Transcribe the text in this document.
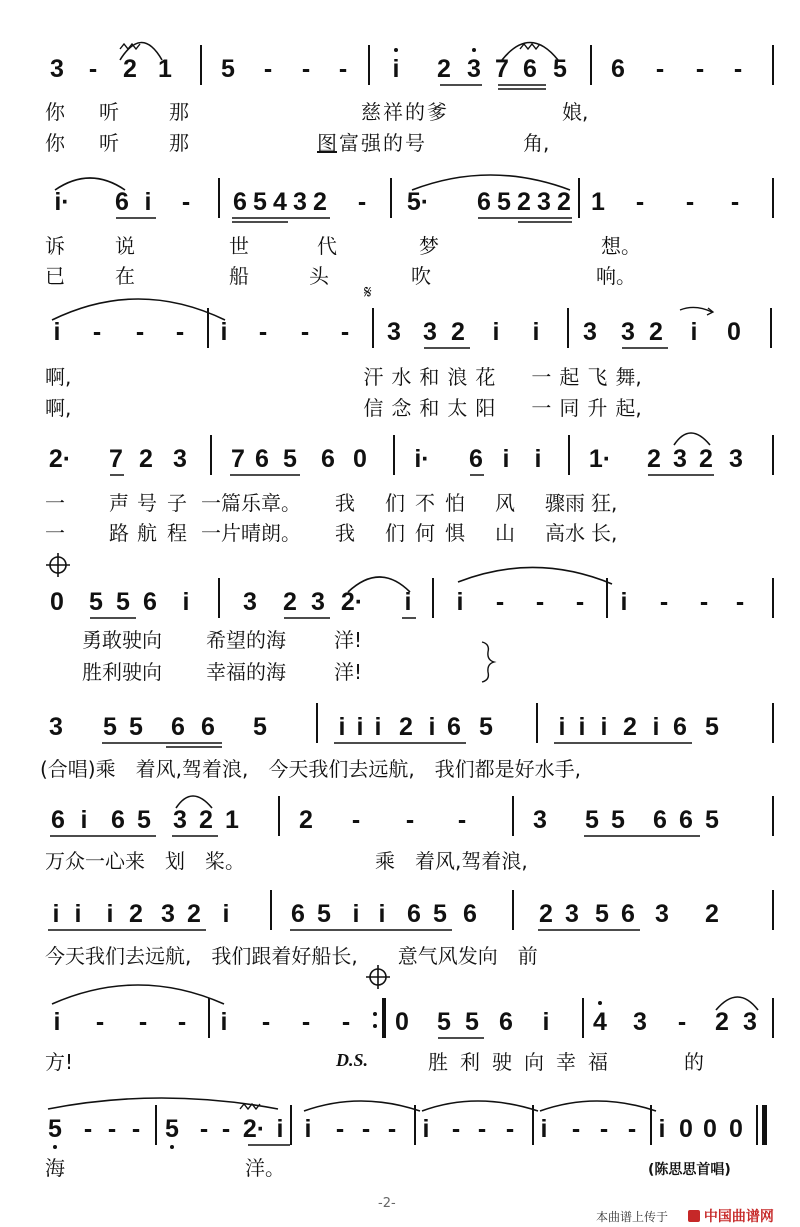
3 - 2 1 5 - - - i 2 3 7 6 5 6 - - -
你 听	那	慈 祥 的 爹	娘,
你 听	那	图 富 强 的 号	角,
i· 6 i - 6 5 4 3 2 - 5· 6 5 2 3 2 1 - - -
诉	说	世	代	梦	想。
已	在	船	头	吹	响。
𝄋
i - - - i - - - 3 3 2 i i 3 3 2 i 0
啊,	汗 水 和 浪 花 一 起 飞 舞,
啊,	信 念 和 太 阳 一 同 升 起,
2· 7 2 3 7 6 5 6 0 i· 6 i i 1· 2 3 2 3
一 声 号 子 一篇乐章。 我 们 不 怕 风 骤雨 狂,
一 路 航 程 一片晴朗。 我 们 何 惧 山 高水 长,
0 5 5 6 i 3 2 3 2· i i - - - i - - -
勇敢驶向 希望的海 洋!
胜利驶向 幸福的海 洋!
3 5 5 6 6 5	i i i 2 i 6 5	i i i 2 i 6 5
(合唱)乘　着风,驾着浪,　今天我们去远航,　我们都是好水手,
6 i 6 5 3 2 1 2 - - -	3 5 5 6 6 5
万众一心来　划　桨。　　　　　　　乘　着风,驾着浪,
i i i 2 3 2 i 6 5 i i 6 5 6 2 3 5 6 3 2
今天我们去远航,　我们跟着好船长,　　意气风发向　前
i - - - i - - - 0 5 5 6 i 4 3 - 2 3
方!	D.S.	胜利驶向幸福　　的
5 - - - 5 - - 2· i i - - - i - - - i - - - i 0 0 0
海　　　　　　　　　洋。	(陈思思首唱)
-2-
本曲谱上传于	中国曲谱网
